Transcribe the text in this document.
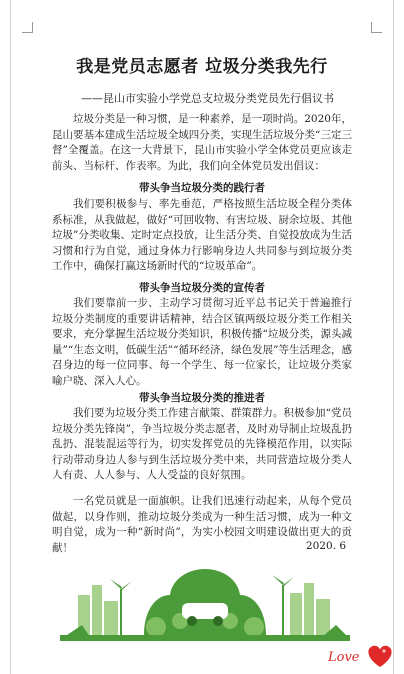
我是党员志愿者 垃圾分类我先行
——昆山市实验小学党总支垃圾分类党员先行倡议书

垃圾分类是一种习惯，是一种素养，是一项时尚。2020年，昆山要基本建成生活垃圾全域四分类，实现生活垃圾分类“三定三督”全覆盖。在这一大背景下，昆山市实验小学全体党员更应该走前头、当标杆、作表率。为此，我们向全体党员发出倡议：

带头争当垃圾分类的践行者

我们要积极参与、率先垂范，严格按照生活垃圾全程分类体系标准，从我做起，做好“可回收物、有害垃圾、厨余垃圾、其他垃圾”分类收集、定时定点投放，让生活分类、自觉投放成为生活习惯和行为自觉，通过身体力行影响身边人共同参与到垃圾分类工作中，确保打赢这场新时代的“垃圾革命”。

带头争当垃圾分类的宣传者

我们要靠前一步、主动学习贯彻习近平总书记关于普遍推行垃圾分类制度的重要讲话精神，结合区镇两级垃圾分类工作相关要求，充分掌握生活垃圾分类知识，积极传播“垃圾分类，源头减量”“生态文明，低碳生活”“循环经济，绿色发展”等生活理念，感召身边的每一位同事、每一个学生、每一位家长，让垃圾分类家喻户晓、深入人心。

带头争当垃圾分类的推进者

我们要为垃圾分类工作建言献策、群策群力。积极参加“党员垃圾分类先锋岗”，争当垃圾分类志愿者，及时劝导制止垃圾乱扔乱扔、混装混运等行为，切实发挥党员的先锋模范作用，以实际行动带动身边人参与到生活垃圾分类中来，共同营造垃圾分类人人有责、人人参与、人人受益的良好氛围。

一名党员就是一面旗帜。让我们迅速行动起来，从每个党员做起，以身作则，推动垃圾分类成为一种生活习惯，成为一种文明自觉，成为一种“新时尚”，为实小校园文明建设做出更大的贡献！	2020. 6
Love
